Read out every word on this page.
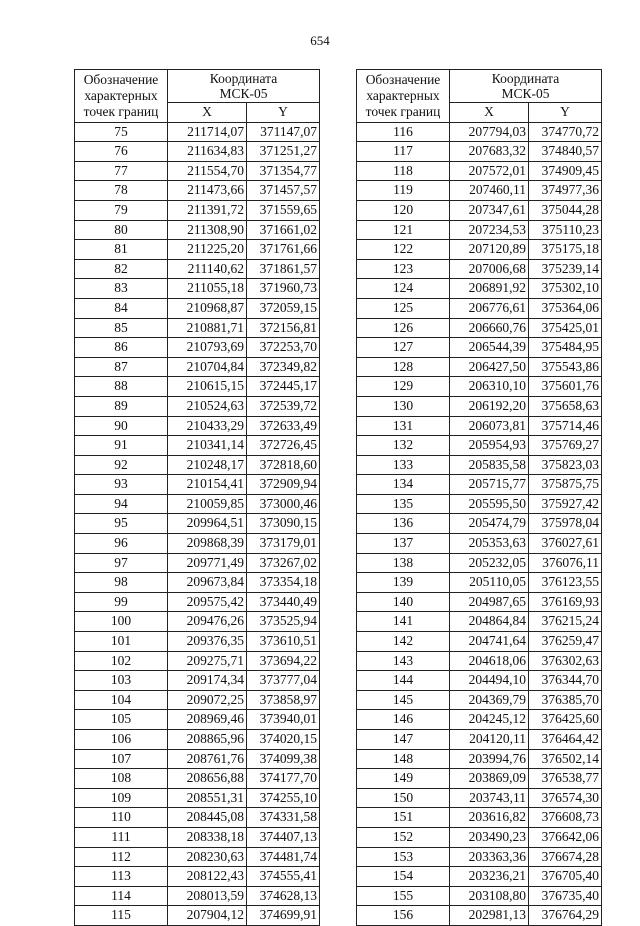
654
Обозначение
характерных
точек границ	Координата
МСК-05	
	X	Y
75	211714,07	371147,07
76	211634,83	371251,27
77	211554,70	371354,77
78	211473,66	371457,57
79	211391,72	371559,65
80	211308,90	371661,02
81	211225,20	371761,66
82	211140,62	371861,57
83	211055,18	371960,73
84	210968,87	372059,15
85	210881,71	372156,81
86	210793,69	372253,70
87	210704,84	372349,82
88	210615,15	372445,17
89	210524,63	372539,72
90	210433,29	372633,49
91	210341,14	372726,45
92	210248,17	372818,60
93	210154,41	372909,94
94	210059,85	373000,46
95	209964,51	373090,15
96	209868,39	373179,01
97	209771,49	373267,02
98	209673,84	373354,18
99	209575,42	373440,49
100	209476,26	373525,94
101	209376,35	373610,51
102	209275,71	373694,22
103	209174,34	373777,04
104	209072,25	373858,97
105	208969,46	373940,01
106	208865,96	374020,15
107	208761,76	374099,38
108	208656,88	374177,70
109	208551,31	374255,10
110	208445,08	374331,58
111	208338,18	374407,13
112	208230,63	374481,74
113	208122,43	374555,41
114	208013,59	374628,13
115	207904,12	374699,91
Обозначение
характерных
точек границ	Координата
МСК-05	
	X	Y
116	207794,03	374770,72
117	207683,32	374840,57
118	207572,01	374909,45
119	207460,11	374977,36
120	207347,61	375044,28
121	207234,53	375110,23
122	207120,89	375175,18
123	207006,68	375239,14
124	206891,92	375302,10
125	206776,61	375364,06
126	206660,76	375425,01
127	206544,39	375484,95
128	206427,50	375543,86
129	206310,10	375601,76
130	206192,20	375658,63
131	206073,81	375714,46
132	205954,93	375769,27
133	205835,58	375823,03
134	205715,77	375875,75
135	205595,50	375927,42
136	205474,79	375978,04
137	205353,63	376027,61
138	205232,05	376076,11
139	205110,05	376123,55
140	204987,65	376169,93
141	204864,84	376215,24
142	204741,64	376259,47
143	204618,06	376302,63
144	204494,10	376344,70
145	204369,79	376385,70
146	204245,12	376425,60
147	204120,11	376464,42
148	203994,76	376502,14
149	203869,09	376538,77
150	203743,11	376574,30
151	203616,82	376608,73
152	203490,23	376642,06
153	203363,36	376674,28
154	203236,21	376705,40
155	203108,80	376735,40
156	202981,13	376764,29
